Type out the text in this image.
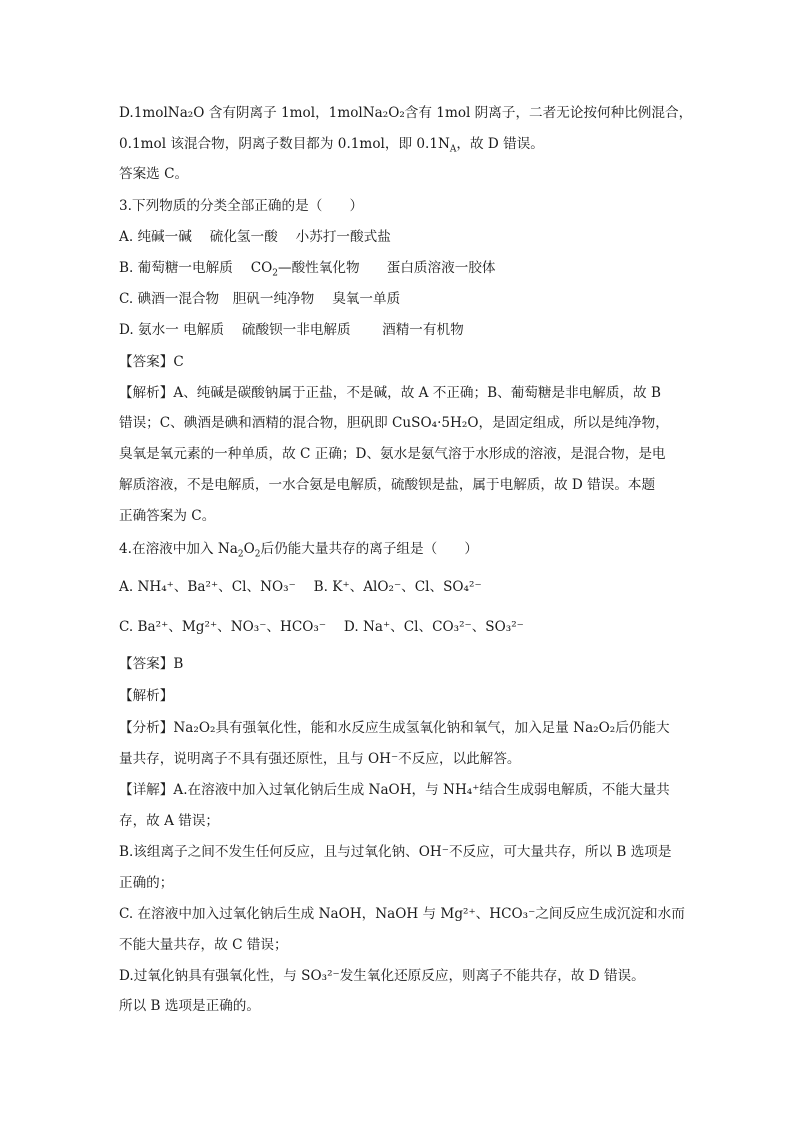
D.1molNa₂O 含有阴离子 1mol，1molNa₂O₂含有 1mol 阴离子，二者无论按何种比例混合，
0.1mol 该混合物，阴离子数目都为 0.1mol，即 $0.1N_A$，故 D 错误。
答案选 C。
3.下列物质的分类全部正确的是（　　）
A. 纯碱一碱　 硫化氢一酸　 小苏打一酸式盐
B. 葡萄糖一电解质　 $CO_2—$酸性氧化物　　蛋白质溶液一胶体
C. 碘酒一混合物　胆矾一纯净物　 臭氧一单质
D. 氨水一 电解质　 硫酸钡一非电解质　　 酒精一有机物
【答案】C
【解析】A、纯碱是碳酸钠属于正盐，不是碱，故 A 不正确；B、葡萄糖是非电解质，故 B
错误；C、碘酒是碘和酒精的混合物，胆矾即 CuSO₄·5H₂O，是固定组成，所以是纯净物，
臭氧是氧元素的一种单质，故 C 正确；D、氨水是氨气溶于水形成的溶液，是混合物，是电
解质溶液，不是电解质，一水合氨是电解质，硫酸钡是盐，属于电解质，故 D 错误。本题
正确答案为 C。
4.在溶液中加入 $Na_2O_2$后仍能大量共存的离子组是（　　）
A. NH₄⁺、Ba²⁺、Cl、NO₃⁻　 B. K⁺、AlO₂⁻、Cl、SO₄²⁻
C. Ba²⁺、Mg²⁺、NO₃⁻、HCO₃⁻　 D. Na⁺、Cl、CO₃²⁻、SO₃²⁻
【答案】B
【解析】
【分析】Na₂O₂具有强氧化性，能和水反应生成氢氧化钠和氧气，加入足量 Na₂O₂后仍能大
量共存，说明离子不具有强还原性，且与 OH⁻不反应，以此解答。
【详解】A.在溶液中加入过氧化钠后生成 NaOH，与 NH₄⁺结合生成弱电解质，不能大量共
存，故 A 错误；
B.该组离子之间不发生任何反应，且与过氧化钠、OH⁻不反应，可大量共存，所以 B 选项是
正确的；
C. 在溶液中加入过氧化钠后生成 NaOH，NaOH 与 Mg²⁺、HCO₃⁻之间反应生成沉淀和水而
不能大量共存，故 C 错误；
D.过氧化钠具有强氧化性，与 SO₃²⁻发生氧化还原反应，则离子不能共存，故 D 错误。
所以 B 选项是正确的。
